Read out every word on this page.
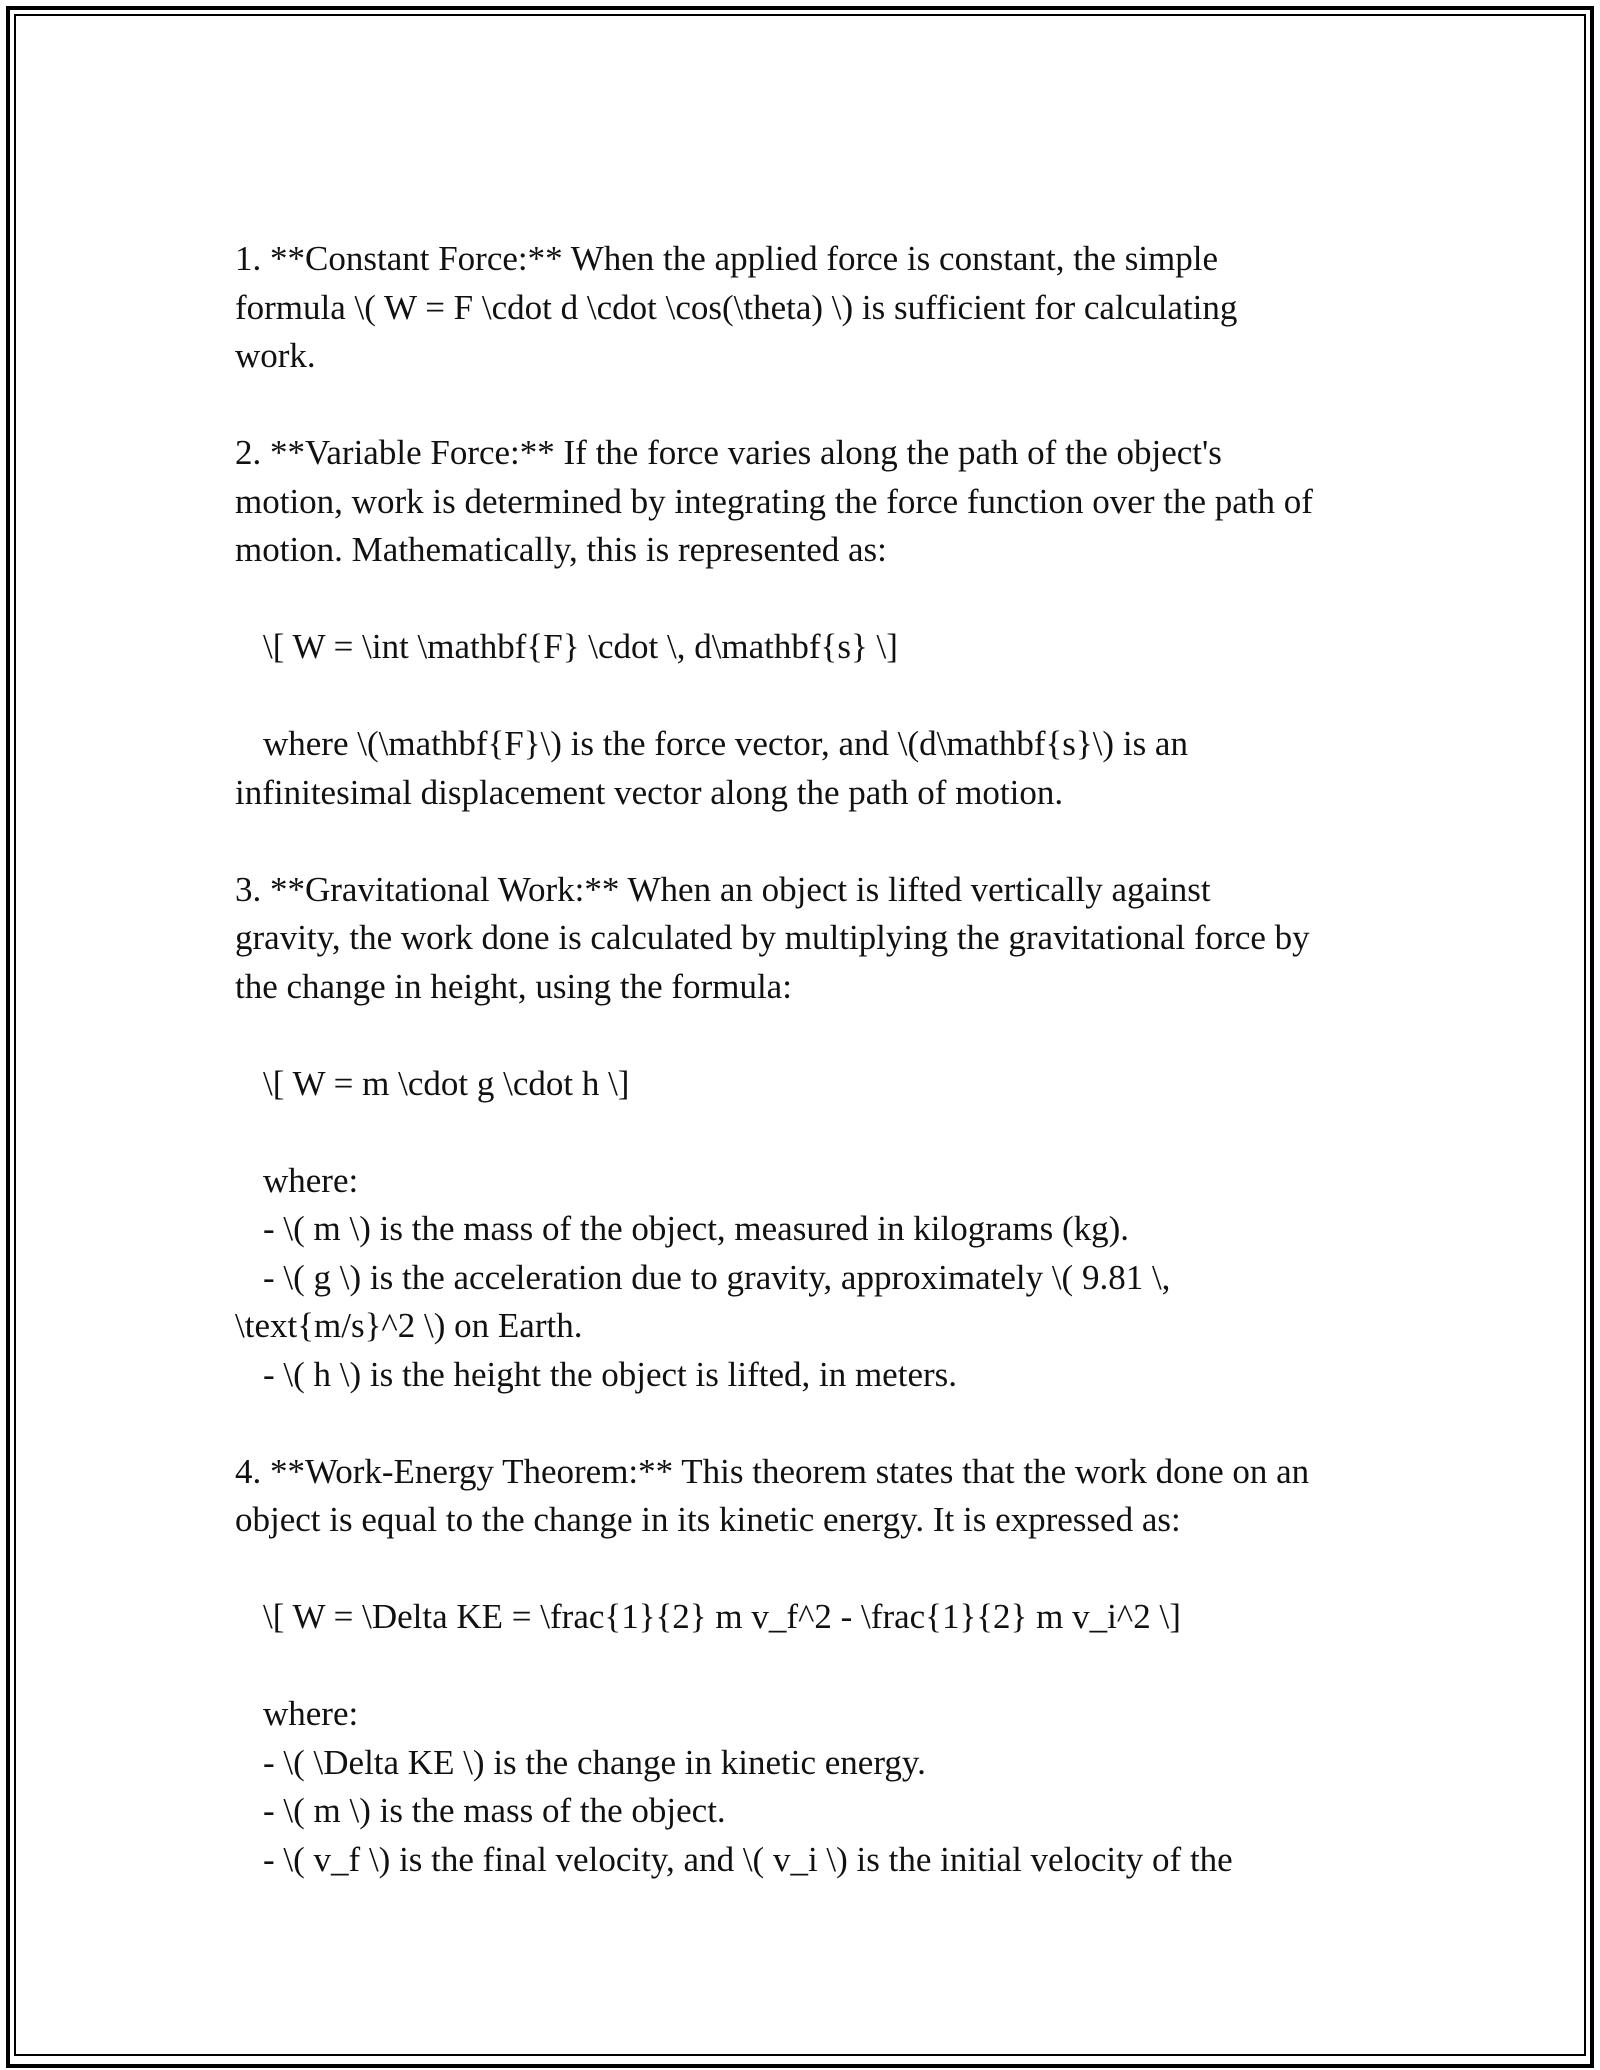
1. **Constant Force:** When the applied force is constant, the simple
formula \( W = F \cdot d \cdot \cos(\theta) \) is sufficient for calculating
work.
2. **Variable Force:** If the force varies along the path of the object's
motion, work is determined by integrating the force function over the path of
motion. Mathematically, this is represented as:
\[ W = \int \mathbf{F} \cdot \, d\mathbf{s} \]
where \(\mathbf{F}\) is the force vector, and \(d\mathbf{s}\) is an
infinitesimal displacement vector along the path of motion.
3. **Gravitational Work:** When an object is lifted vertically against
gravity, the work done is calculated by multiplying the gravitational force by
the change in height, using the formula:
\[ W = m \cdot g \cdot h \]
where:
- \( m \) is the mass of the object, measured in kilograms (kg).
- \( g \) is the acceleration due to gravity, approximately \( 9.81 \,
\text{m/s}^2 \) on Earth.
- \( h \) is the height the object is lifted, in meters.
4. **Work-Energy Theorem:** This theorem states that the work done on an
object is equal to the change in its kinetic energy. It is expressed as:
\[ W = \Delta KE = \frac{1}{2} m v_f^2 - \frac{1}{2} m v_i^2 \]
where:
- \( \Delta KE \) is the change in kinetic energy.
- \( m \) is the mass of the object.
- \( v_f \) is the final velocity, and \( v_i \) is the initial velocity of the
